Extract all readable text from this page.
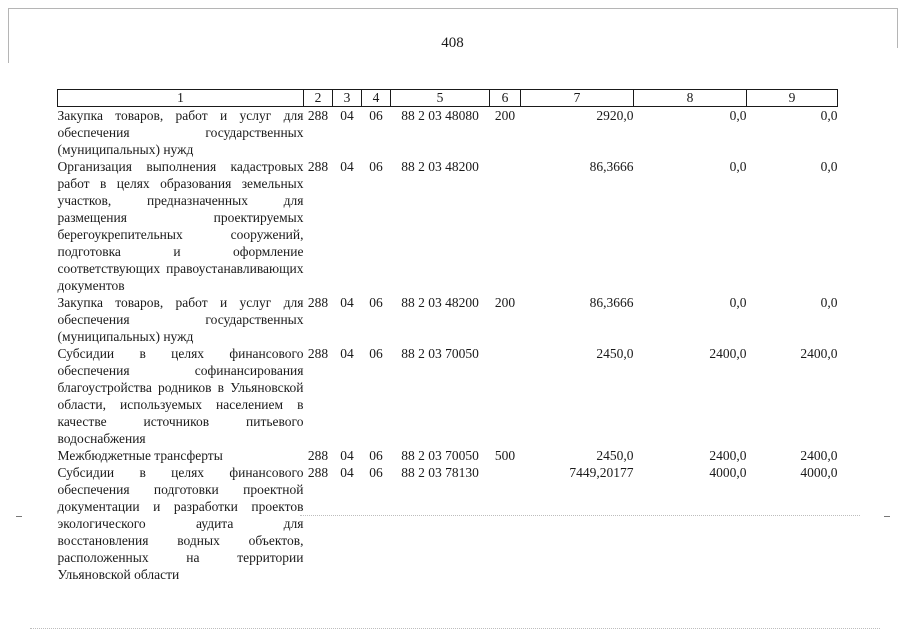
408
1	2	3	4	5	6	7	8	9
Закупка товаров, работ и услуг для обеспечения государственных (муниципальных) нужд	288	04	06	88 2 03 48080	200	2920,0	0,0	0,0
Организация выполнения кадастровых работ в целях образования земельных участков, предназначенных для размещения проектируемых берегоукрепительных сооружений, подготовка и оформление соответствующих правоустанавливающих документов	288	04	06	88 2 03 48200		86,3666	0,0	0,0
Закупка товаров, работ и услуг для обеспечения государственных (муниципальных) нужд	288	04	06	88 2 03 48200	200	86,3666	0,0	0,0
Субсидии в целях финансового обеспечения софинансирования благоустройства родников в Ульяновской области, используемых населением в качестве источников питьевого водоснабжения	288	04	06	88 2 03 70050		2450,0	2400,0	2400,0
Межбюджетные трансферты	288	04	06	88 2 03 70050	500	2450,0	2400,0	2400,0
Субсидии в целях финансового обеспечения подготовки проектной документации и разработки проектов экологического аудита для восстановления водных объектов, расположенных на территории Ульяновской области	288	04	06	88 2 03 78130		7449,20177	4000,0	4000,0
